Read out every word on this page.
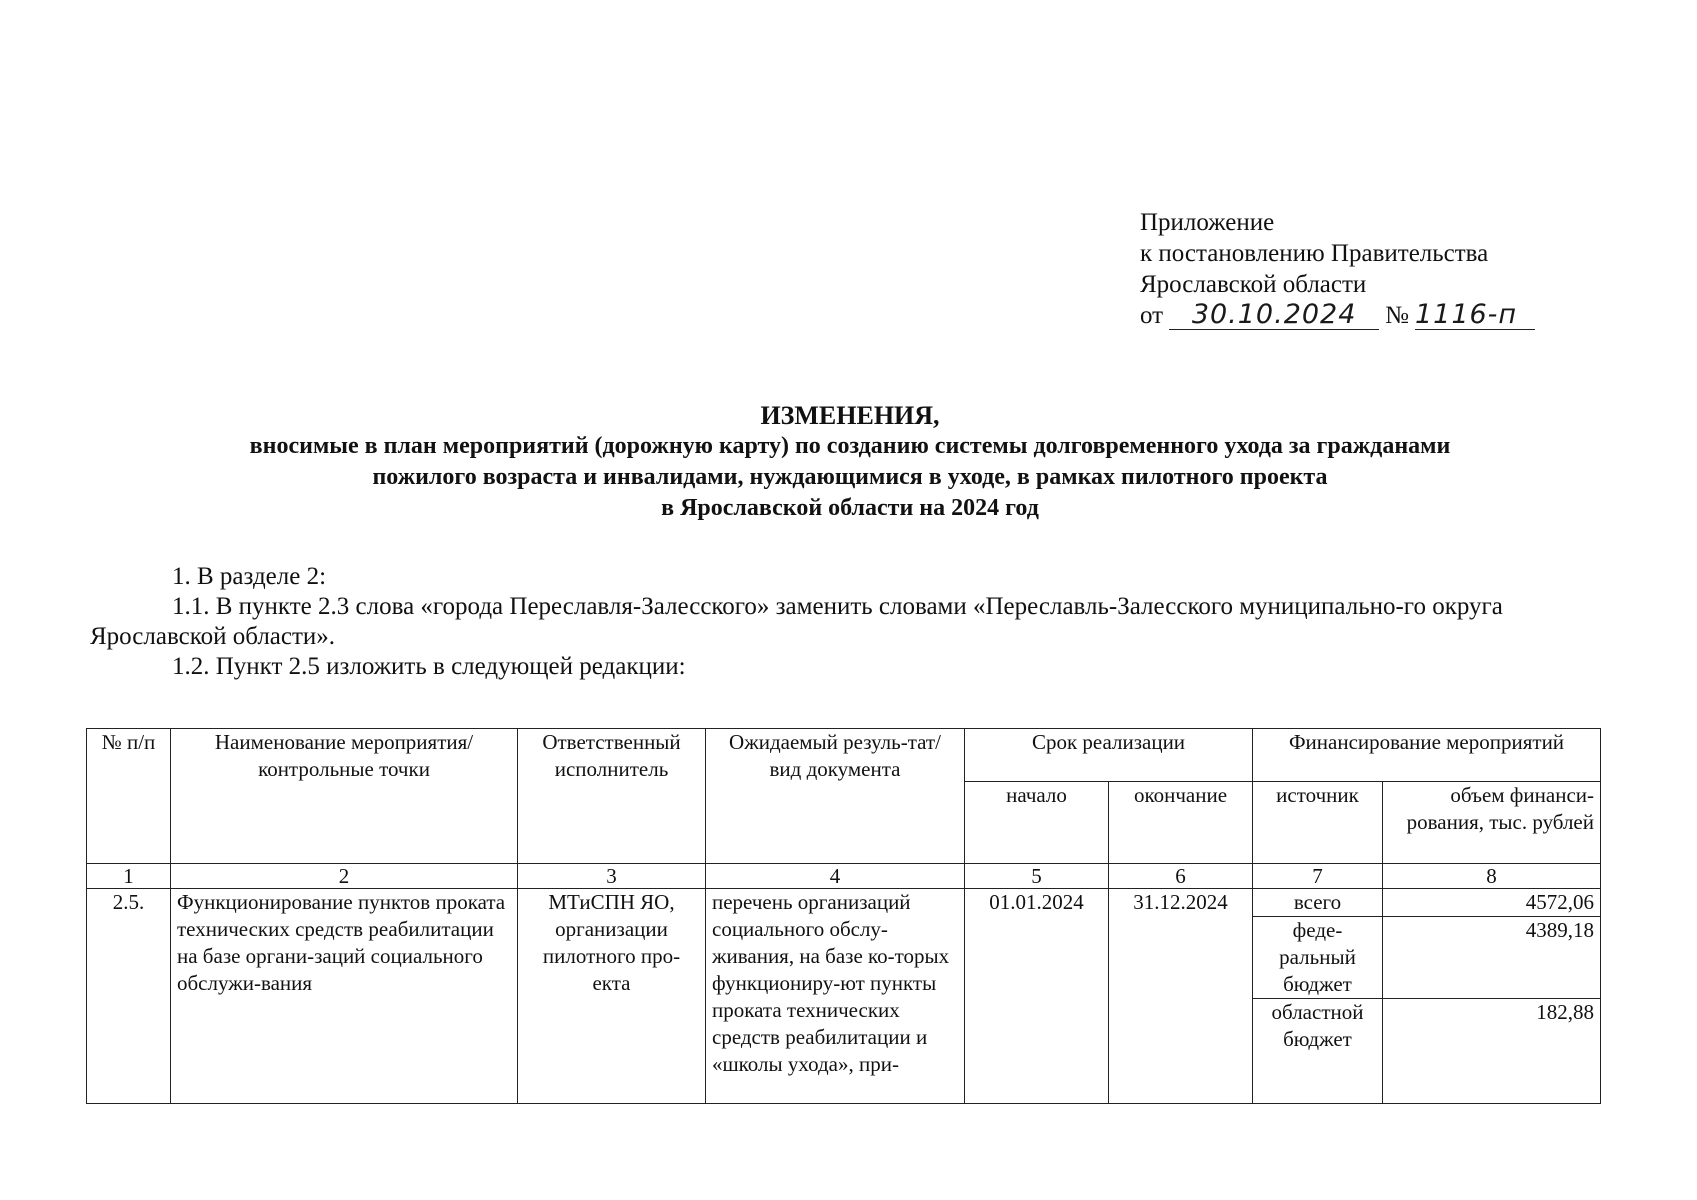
Приложение
к постановлению Правительства
Ярославской области
от 30.10.2024 № 1116-п
ИЗМЕНЕНИЯ,
вносимые в план мероприятий (дорожную карту) по созданию системы долговременного ухода за гражданами
пожилого возраста и инвалидами, нуждающимися в уходе, в рамках пилотного проекта
в Ярославской области на 2024 год

1. В разделе 2:

1.1. В пункте 2.3 слова «города Переславля-Залесского» заменить словами «Переславль-Залесского муниципально-го округа Ярославской области».

1.2. Пункт 2.5 изложить в следующей редакции:

№ п/п	Наименование мероприятия/ контрольные точки	Ответственный исполнитель	Ожидаемый резуль-тат/ вид документа	Срок реализации		Финансирование мероприятий	
				начало	окончание	источник	объем финанси-рования, тыс. рублей
1	2	3	4	5	6	7	8
2.5.	Функционирование пунктов проката технических средств реабилитации на базе органи-заций социального обслужи-вания	МТиСПН ЯО, организации пилотного про-екта	перечень организаций социального обслу-живания, на базе ко-торых функциониру-ют пункты проката технических средств реабилитации и «школы ухода», при-	01.01.2024	31.12.2024	всего	4572,06
						феде-ральный бюджет	4389,18
						областной бюджет	182,88
